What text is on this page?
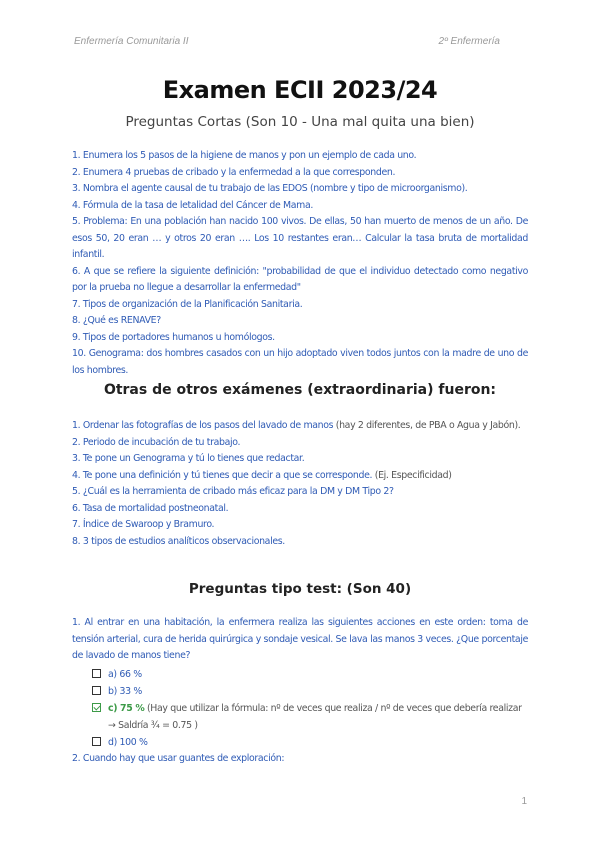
Enfermería Comunitaria II	2º Enfermería
Examen ECII 2023/24
Preguntas Cortas (Son 10 - Una mal quita una bien)

1. Enumera los 5 pasos de la higiene de manos y pon un ejemplo de cada uno.

2. Enumera 4 pruebas de cribado y la enfermedad a la que corresponden.

3. Nombra el agente causal de tu trabajo de las EDOS (nombre y tipo de microorganismo).

4. Fórmula de la tasa de letalidad del Cáncer de Mama.

5. Problema: En una población han nacido 100 vivos. De ellas, 50 han muerto de menos de un año. De esos 50, 20 eran … y otros 20 eran …. Los 10 restantes eran… Calcular la tasa bruta de mortalidad infantil.

6. A que se refiere la siguiente definición: "probabilidad de que el individuo detectado como negativo por la prueba no llegue a desarrollar la enfermedad"

7. Tipos de organización de la Planificación Sanitaria.

8. ¿Qué es RENAVE?

9. Tipos de portadores humanos u homólogos.

10. Genograma: dos hombres casados con un hijo adoptado viven todos juntos con la madre de uno de los hombres.

Otras de otros exámenes (extraordinaria) fueron:

1. Ordenar las fotografías de los pasos del lavado de manos (hay 2 diferentes, de PBA o Agua y Jabón).

2. Periodo de incubación de tu trabajo.

3. Te pone un Genograma y tú lo tienes que redactar.

4. Te pone una definición y tú tienes que decir a que se corresponde. (Ej. Especificidad)

5. ¿Cuál es la herramienta de cribado más eficaz para la DM y DM Tipo 2?

6. Tasa de mortalidad postneonatal.

7. Índice de Swaroop y Bramuro.

8. 3 tipos de estudios analíticos observacionales.

Preguntas tipo test: (Son 40)
1. Al entrar en una habitación, la enfermera realiza las siguientes acciones en este orden: toma de tensión arterial, cura de herida quirúrgica y sondaje vesical. Se lava las manos 3 veces. ¿Que porcentaje de lavado de manos tiene?
a) 66 %
b) 33 %
c) 75 % (Hay que utilizar la fórmula: nº de veces que realiza / nº de veces que debería realizar → Saldría ¾ = 0.75 )
d) 100 %
2. Cuando hay que usar guantes de exploración:
1
